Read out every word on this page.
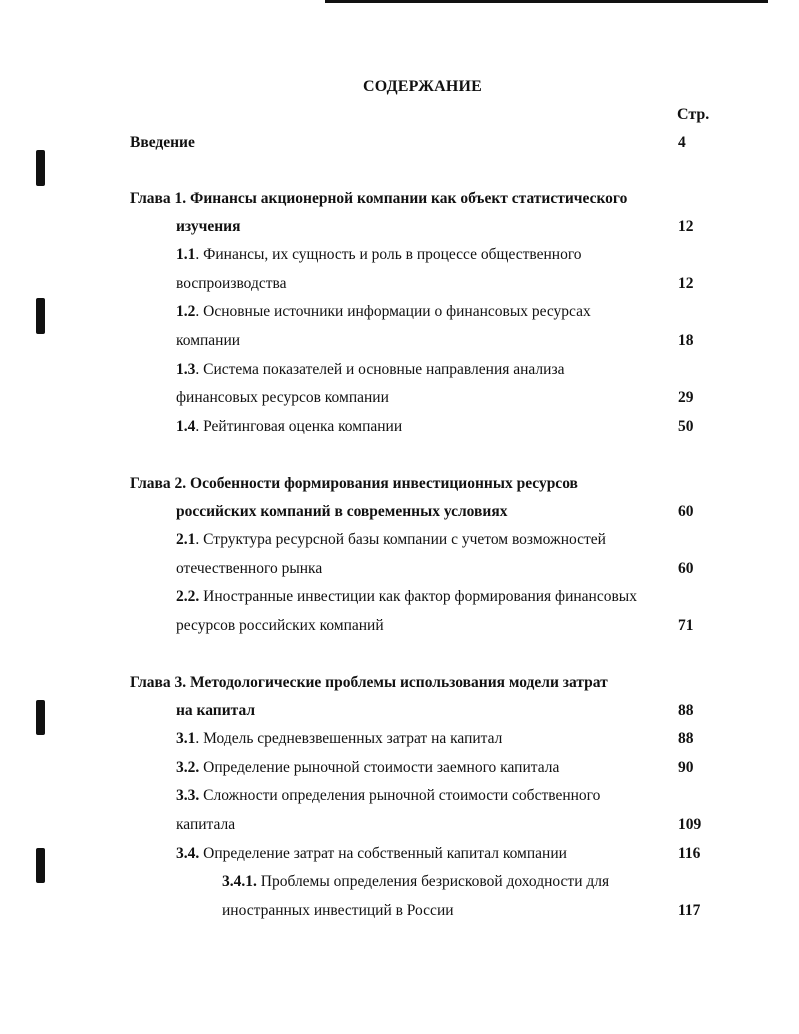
СОДЕРЖАНИЕ
Стр.
Введение	4
Глава 1. Финансы акционерной компании как объект статистического
изучения	12
1.1. Финансы, их сущность и роль в процессе общественного
воспроизводства	12
1.2. Основные источники информации о финансовых ресурсах
компании	18
1.3. Система показателей и основные направления анализа
финансовых ресурсов компании	29
1.4. Рейтинговая оценка компании	50
Глава 2. Особенности формирования инвестиционных ресурсов
российских компаний в современных условиях	60
2.1. Структура ресурсной базы компании с учетом возможностей
отечественного рынка	60
2.2. Иностранные инвестиции как фактор формирования финансовых
ресурсов российских компаний	71
Глава 3. Методологические проблемы использования модели затрат
на капитал	88
3.1. Модель средневзвешенных затрат на капитал	88
3.2. Определение рыночной стоимости заемного капитала	90
3.3. Сложности определения рыночной стоимости собственного
капитала	109
3.4. Определение затрат на собственный капитал компании	116
3.4.1. Проблемы определения безрисковой доходности для
иностранных инвестиций в России	117
